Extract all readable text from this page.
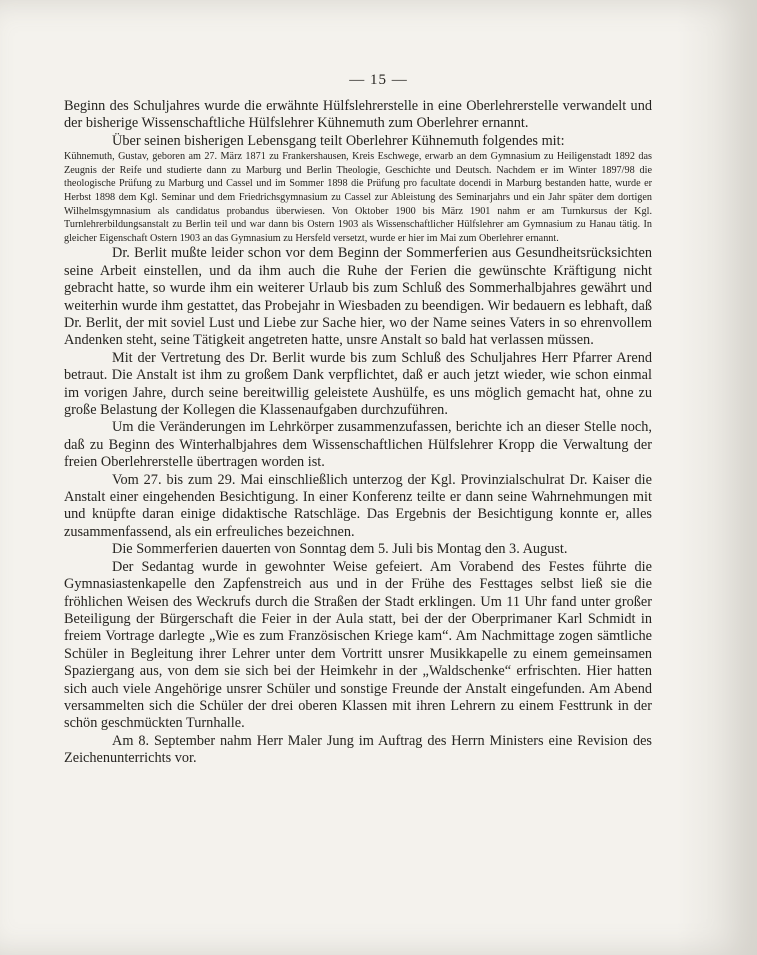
— 15 —

Beginn des Schuljahres wurde die erwähnte Hülfslehrerstelle in eine Oberlehrerstelle verwandelt und der bisherige Wissenschaftliche Hülfslehrer Kühnemuth zum Oberlehrer ernannt.

Über seinen bisherigen Lebensgang teilt Oberlehrer Kühnemuth folgendes mit:

Kühnemuth, Gustav, geboren am 27. März 1871 zu Frankershausen, Kreis Eschwege, erwarb an dem Gymnasium zu Heiligenstadt 1892 das Zeugnis der Reife und studierte dann zu Marburg und Berlin Theologie, Geschichte und Deutsch. Nachdem er im Winter 1897/98 die theologische Prüfung zu Marburg und Cassel und im Sommer 1898 die Prüfung pro facultate docendi in Marburg bestanden hatte, wurde er Herbst 1898 dem Kgl. Seminar und dem Friedrichsgymnasium zu Cassel zur Ableistung des Seminarjahrs und ein Jahr später dem dortigen Wilhelmsgymnasium als candidatus probandus überwiesen. Von Oktober 1900 bis März 1901 nahm er am Turnkursus der Kgl. Turnlehrerbildungsanstalt zu Berlin teil und war dann bis Ostern 1903 als Wissenschaftlicher Hülfslehrer am Gymnasium zu Hanau tätig. In gleicher Eigenschaft Ostern 1903 an das Gymnasium zu Hersfeld versetzt, wurde er hier im Mai zum Oberlehrer ernannt.

Dr. Berlit mußte leider schon vor dem Beginn der Sommerferien aus Gesundheitsrücksichten seine Arbeit einstellen, und da ihm auch die Ruhe der Ferien die gewünschte Kräftigung nicht gebracht hatte, so wurde ihm ein weiterer Urlaub bis zum Schluß des Sommerhalbjahres gewährt und weiterhin wurde ihm gestattet, das Probejahr in Wiesbaden zu beendigen. Wir bedauern es lebhaft, daß Dr. Berlit, der mit soviel Lust und Liebe zur Sache hier, wo der Name seines Vaters in so ehrenvollem Andenken steht, seine Tätigkeit angetreten hatte, unsre Anstalt so bald hat verlassen müssen.

Mit der Vertretung des Dr. Berlit wurde bis zum Schluß des Schuljahres Herr Pfarrer Arend betraut. Die Anstalt ist ihm zu großem Dank verpflichtet, daß er auch jetzt wieder, wie schon einmal im vorigen Jahre, durch seine bereitwillig geleistete Aushülfe, es uns möglich gemacht hat, ohne zu große Belastung der Kollegen die Klassenaufgaben durchzuführen.

Um die Veränderungen im Lehrkörper zusammenzufassen, berichte ich an dieser Stelle noch, daß zu Beginn des Winterhalbjahres dem Wissenschaftlichen Hülfslehrer Kropp die Verwaltung der freien Oberlehrerstelle übertragen worden ist.

Vom 27. bis zum 29. Mai einschließlich unterzog der Kgl. Provinzialschulrat Dr. Kaiser die Anstalt einer eingehenden Besichtigung. In einer Konferenz teilte er dann seine Wahrnehmungen mit und knüpfte daran einige didaktische Ratschläge. Das Ergebnis der Besichtigung konnte er, alles zusammenfassend, als ein erfreuliches bezeichnen.

Die Sommerferien dauerten von Sonntag dem 5. Juli bis Montag den 3. August.

Der Sedantag wurde in gewohnter Weise gefeiert. Am Vorabend des Festes führte die Gymnasiastenkapelle den Zapfenstreich aus und in der Frühe des Festtages selbst ließ sie die fröhlichen Weisen des Weckrufs durch die Straßen der Stadt erklingen. Um 11 Uhr fand unter großer Beteiligung der Bürgerschaft die Feier in der Aula statt, bei der der Oberprimaner Karl Schmidt in freiem Vortrage darlegte „Wie es zum Französischen Kriege kam“. Am Nachmittage zogen sämtliche Schüler in Begleitung ihrer Lehrer unter dem Vortritt unsrer Musikkapelle zu einem gemeinsamen Spaziergang aus, von dem sie sich bei der Heimkehr in der „Waldschenke“ erfrischten. Hier hatten sich auch viele Angehörige unsrer Schüler und sonstige Freunde der Anstalt eingefunden. Am Abend versammelten sich die Schüler der drei oberen Klassen mit ihren Lehrern zu einem Festtrunk in der schön geschmückten Turnhalle.

Am 8. September nahm Herr Maler Jung im Auftrag des Herrn Ministers eine Revision des Zeichenunterrichts vor.
